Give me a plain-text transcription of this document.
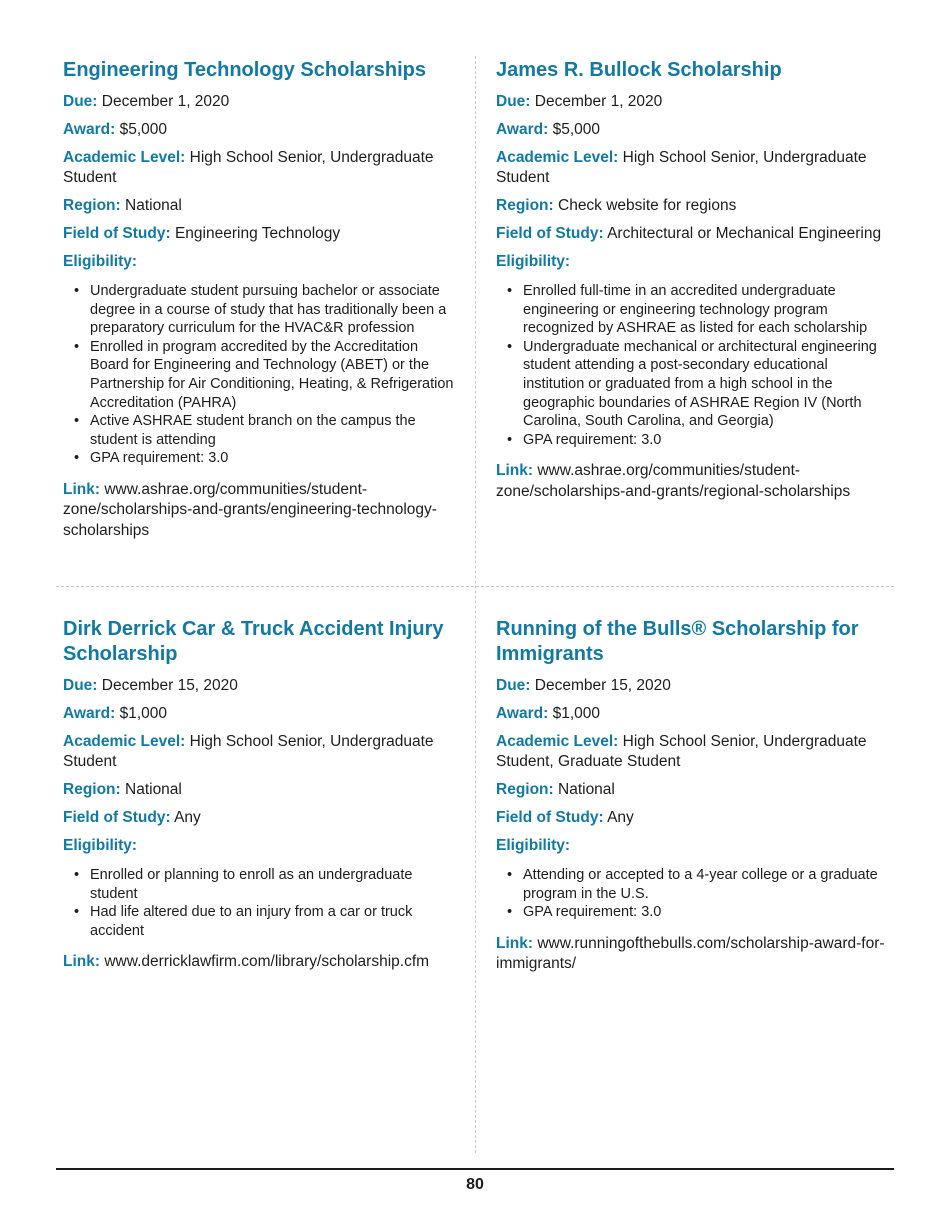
Engineering Technology Scholarships
Due: December 1, 2020
Award: $5,000
Academic Level: High School Senior, Undergraduate Student
Region: National
Field of Study: Engineering Technology
Eligibility:
• Undergraduate student pursuing bachelor or associate degree in a course of study that has traditionally been a preparatory curriculum for the HVAC&R profession
• Enrolled in program accredited by the Accreditation Board for Engineering and Technology (ABET) or the Partnership for Air Conditioning, Heating, & Refrigeration Accreditation (PAHRA)
• Active ASHRAE student branch on the campus the student is attending
• GPA requirement: 3.0
Link: www.ashrae.org/communities/student-zone/scholarships-and-grants/engineering-technology-scholarships
James R. Bullock Scholarship
Due: December 1, 2020
Award: $5,000
Academic Level: High School Senior, Undergraduate Student
Region: Check website for regions
Field of Study: Architectural or Mechanical Engineering
Eligibility:
• Enrolled full-time in an accredited undergraduate engineering or engineering technology program recognized by ASHRAE as listed for each scholarship
• Undergraduate mechanical or architectural engineering student attending a post-secondary educational institution or graduated from a high school in the geographic boundaries of ASHRAE Region IV (North Carolina, South Carolina, and Georgia)
• GPA requirement: 3.0
Link: www.ashrae.org/communities/student-zone/scholarships-and-grants/regional-scholarships
Dirk Derrick Car & Truck Accident Injury Scholarship
Due: December 15, 2020
Award: $1,000
Academic Level: High School Senior, Undergraduate Student
Region: National
Field of Study: Any
Eligibility:
• Enrolled or planning to enroll as an undergraduate student
• Had life altered due to an injury from a car or truck accident
Link: www.derricklawfirm.com/library/scholarship.cfm
Running of the Bulls® Scholarship for Immigrants
Due: December 15, 2020
Award: $1,000
Academic Level: High School Senior, Undergraduate Student, Graduate Student
Region: National
Field of Study: Any
Eligibility:
• Attending or accepted to a 4-year college or a graduate program in the U.S.
• GPA requirement: 3.0
Link: www.runningofthebulls.com/scholarship-award-for-immigrants/
80
